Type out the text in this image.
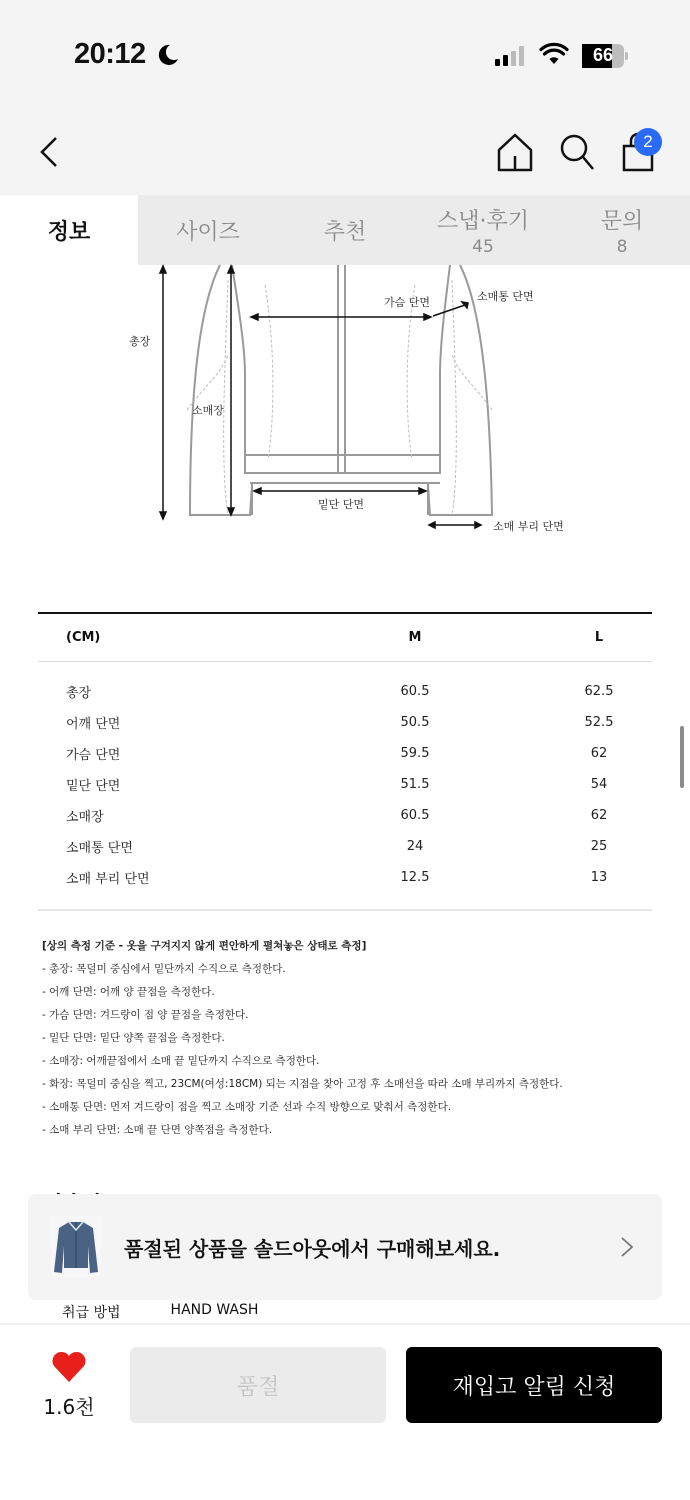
20:12	66
2
정보	사이즈	추천	스냅·후기
45
문의
8
총장
가슴 단면	소매통 단면
소매장
밑단 단면
소매 부리 단면
(CM)	M	L
총장	60.5	62.5
어깨 단면	50.5	52.5
가슴 단면	59.5	62
밑단 단면	51.5	54
소매장	60.5	62
소매통 단면	24	25
소매 부리 단면	12.5	13
[상의 측정 기준 - 옷을 구겨지지 않게 편안하게 펼쳐놓은 상태로 측정]
- 총장: 목덜미 중심에서 밑단까지 수직으로 측정한다.
- 어깨 단면: 어깨 양 끝점을 측정한다.
- 가슴 단면: 겨드랑이 점 양 끝점을 측정한다.
- 밑단 단면: 밑단 양쪽 끝점을 측정한다.
- 소매장: 어깨끝점에서 소매 끝 밑단까지 수직으로 측정한다.
- 화장: 목덜미 중심을 찍고, 23CM(여성:18CM) 되는 지점을 찾아 고정 후 소매선을 따라 소매 부리까지 측정한다.
- 소매통 단면: 먼저 겨드랑이 점을 찍고 소매장 기준 선과 수직 방향으로 맞춰서 측정한다.
- 소매 부리 단면: 소매 끝 단면 양쪽점을 측정한다.
품절된 상품을 솔드아웃에서 구매해보세요.
취급 방법	HAND WASH
1.6천
품절	재입고 알림 신청
